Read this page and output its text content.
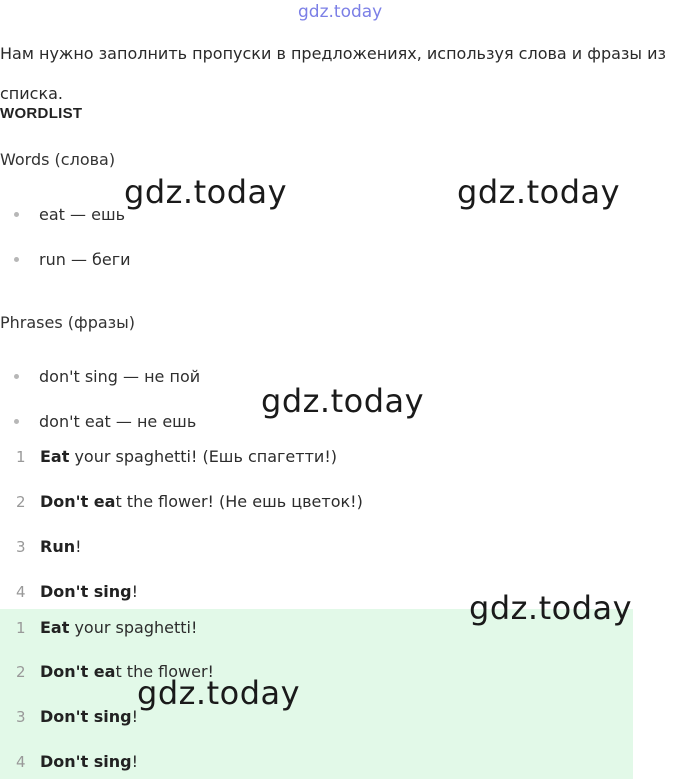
gdz.today
Нам нужно заполнить пропуски в предложениях, используя слова и фразы из списка.
WORDLIST
Words (слова)
eat — ешь
run — беги
Phrases (фразы)
don't sing — не пой
don't eat — не ешь
1 Eat your spaghetti! (Ешь спагетти!)
2 Don't eat the flower! (Не ешь цветок!)
3 Run!
4 Don't sing!
1 Eat your spaghetti!
2 Don't eat the flower!
3 Don't sing!
4 Don't sing!
gdz.today	gdz.today
gdz.today
gdz.today
gdz.today
